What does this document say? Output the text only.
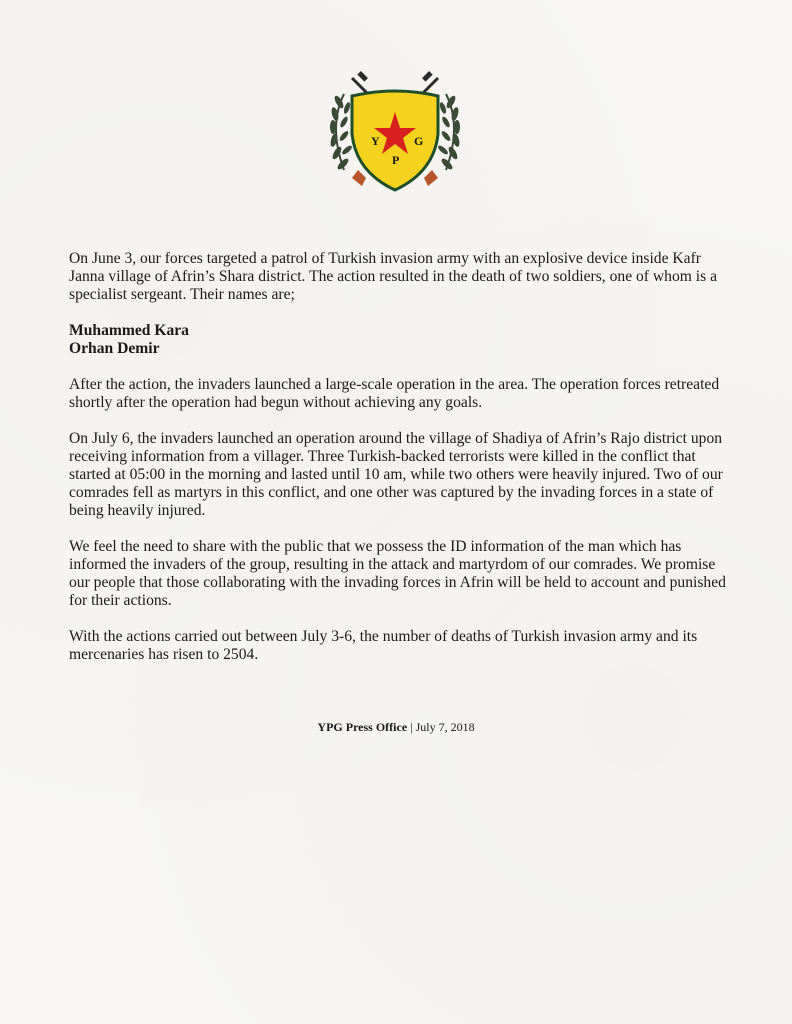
Y	G
P

On June 3, our forces targeted a patrol of Turkish invasion army with an explosive device inside Kafr Janna village of Afrin’s Shara district. The action resulted in the death of two soldiers, one of whom is a specialist sergeant. Their names are;

Muhammed Kara
Orhan Demir

After the action, the invaders launched a large-scale operation in the area. The operation forces retreated shortly after the operation had begun without achieving any goals.

On July 6, the invaders launched an operation around the village of Shadiya of Afrin’s Rajo district upon receiving information from a villager. Three Turkish-backed terrorists were killed in the conflict that started at 05:00 in the morning and lasted until 10 am, while two others were heavily injured. Two of our comrades fell as martyrs in this conflict, and one other was captured by the invading forces in a state of being heavily injured.

We feel the need to share with the public that we possess the ID information of the man which has informed the invaders of the group, resulting in the attack and martyrdom of our comrades. We promise our people that those collaborating with the invading forces in Afrin will be held to account and punished for their actions.

With the actions carried out between July 3-6, the number of deaths of Turkish invasion army and its mercenaries has risen to 2504.

YPG Press Office | July 7, 2018
